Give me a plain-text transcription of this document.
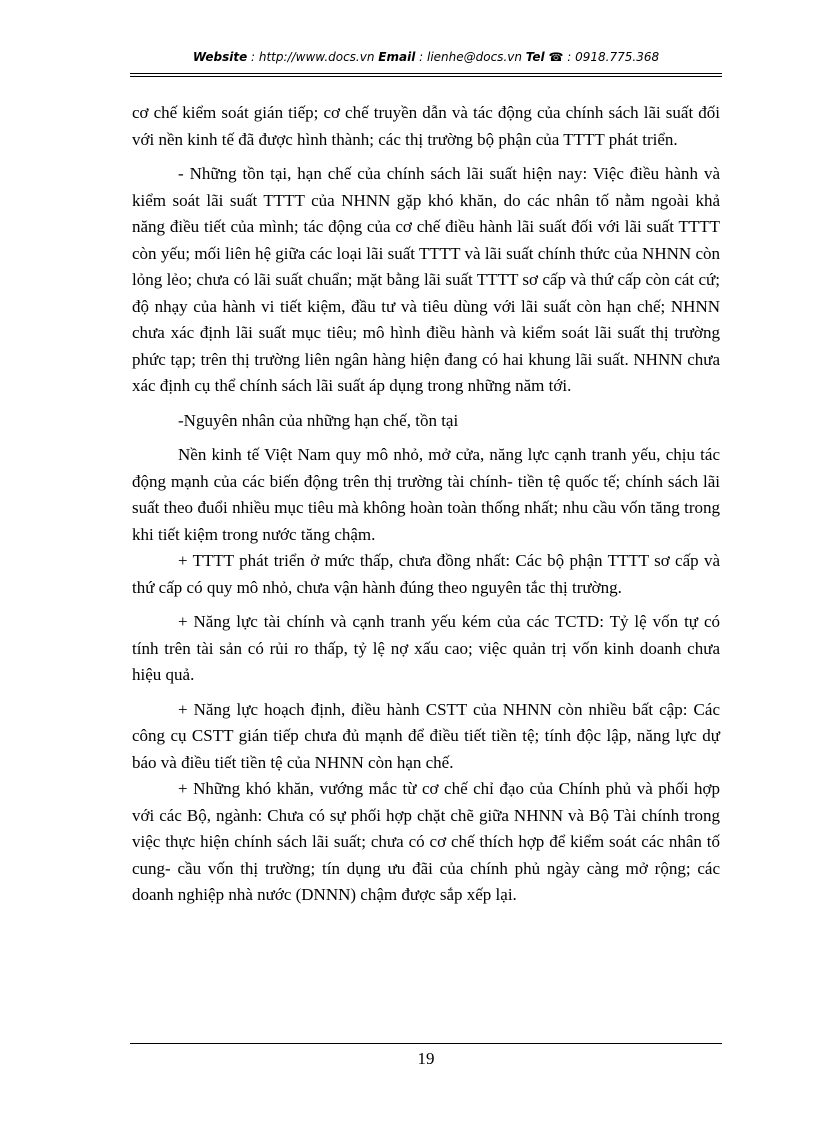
Website : http://www.docs.vn Email : lienhe@docs.vn Tel ☎ : 0918.775.368

cơ chế kiểm soát gián tiếp; cơ chế truyền dẫn và tác động của chính sách lãi suất đối với nền kinh tế đã được hình thành; các thị trường bộ phận của TTTT phát triển.

- Những tồn tại, hạn chế của chính sách lãi suất hiện nay: Việc điều hành và kiểm soát lãi suất TTTT của NHNN gặp khó khăn, do các nhân tố nằm ngoài khả năng điều tiết của mình; tác động của cơ chế điều hành lãi suất đối với lãi suất TTTT còn yếu; mối liên hệ giữa các loại lãi suất TTTT và lãi suất chính thức của NHNN còn lỏng lẻo; chưa có lãi suất chuẩn; mặt bằng lãi suất TTTT sơ cấp và thứ cấp còn cát cứ; độ nhạy của hành vi tiết kiệm, đầu tư và tiêu dùng với lãi suất còn hạn chế; NHNN chưa xác định lãi suất mục tiêu; mô hình điều hành và kiểm soát lãi suất thị trường phức tạp; trên thị trường liên ngân hàng hiện đang có hai khung lãi suất. NHNN chưa xác định cụ thể chính sách lãi suất áp dụng trong những năm tới.

-Nguyên nhân của những hạn chế, tồn tại

Nền kinh tế Việt Nam quy mô nhỏ, mở cửa, năng lực cạnh tranh yếu, chịu tác động mạnh của các biến động trên thị trường tài chính- tiền tệ quốc tế; chính sách lãi suất theo đuổi nhiều mục tiêu mà không hoàn toàn thống nhất; nhu cầu vốn tăng trong khi tiết kiệm trong nước tăng chậm.

+ TTTT phát triển ở mức thấp, chưa đồng nhất: Các bộ phận TTTT sơ cấp và thứ cấp có quy mô nhỏ, chưa vận hành đúng theo nguyên tắc thị trường.

+ Năng lực tài chính và cạnh tranh yếu kém của các TCTD: Tỷ lệ vốn tự có tính trên tài sản có rủi ro thấp, tỷ lệ nợ xấu cao; việc quản trị vốn kinh doanh chưa hiệu quả.

+ Năng lực hoạch định, điều hành CSTT của NHNN còn nhiều bất cập: Các công cụ CSTT gián tiếp chưa đủ mạnh để điều tiết tiền tệ; tính độc lập, năng lực dự báo và điều tiết tiền tệ của NHNN còn hạn chế.

+ Những khó khăn, vướng mắc từ cơ chế chỉ đạo của Chính phủ và phối hợp với các Bộ, ngành: Chưa có sự phối hợp chặt chẽ giữa NHNN và Bộ Tài chính trong việc thực hiện chính sách lãi suất; chưa có cơ chế thích hợp để kiểm soát các nhân tố cung- cầu vốn thị trường; tín dụng ưu đãi của chính phủ ngày càng mở rộng; các doanh nghiệp nhà nước (DNNN) chậm được sắp xếp lại.

19
